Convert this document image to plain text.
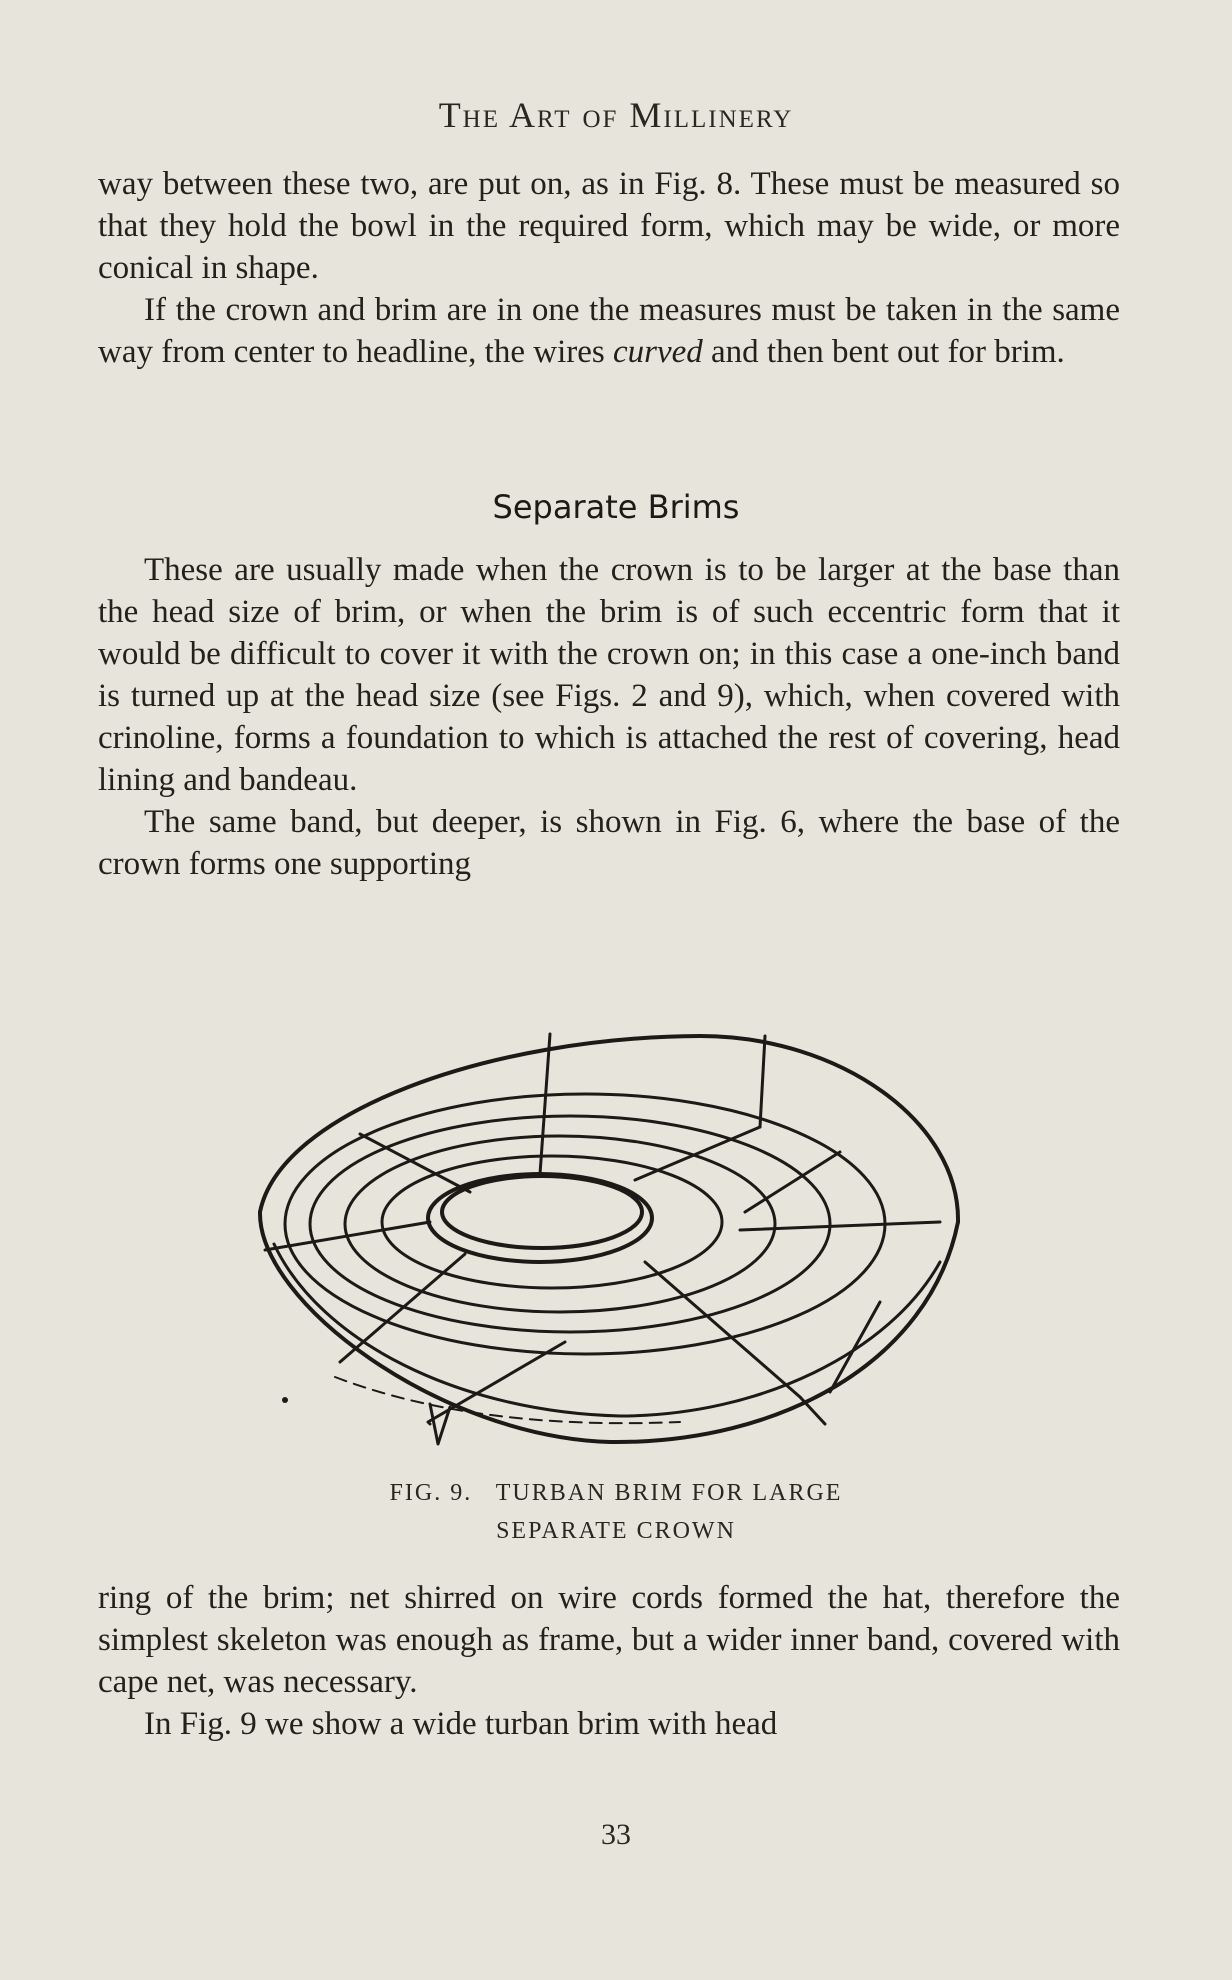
The Art of Millinery

way between these two, are put on, as in Fig. 8. These must be measured so that they hold the bowl in the required form, which may be wide, or more conical in shape.

If the crown and brim are in one the measures must be taken in the same way from center to headline, the wires curved and then bent out for brim.

Separate Brims

These are usually made when the crown is to be larger at the base than the head size of brim, or when the brim is of such eccentric form that it would be difficult to cover it with the crown on; in this case a one-inch band is turned up at the head size (see Figs. 2 and 9), which, when covered with crinoline, forms a foundation to which is attached the rest of covering, head lining and bandeau.

The same band, but deeper, is shown in Fig. 6, where the base of the crown forms one supporting

FIG. 9.   TURBAN BRIM FOR LARGE
SEPARATE CROWN

ring of the brim; net shirred on wire cords formed the hat, therefore the simplest skeleton was enough as frame, but a wider inner band, covered with cape net, was necessary.

In Fig. 9 we show a wide turban brim with head

33
